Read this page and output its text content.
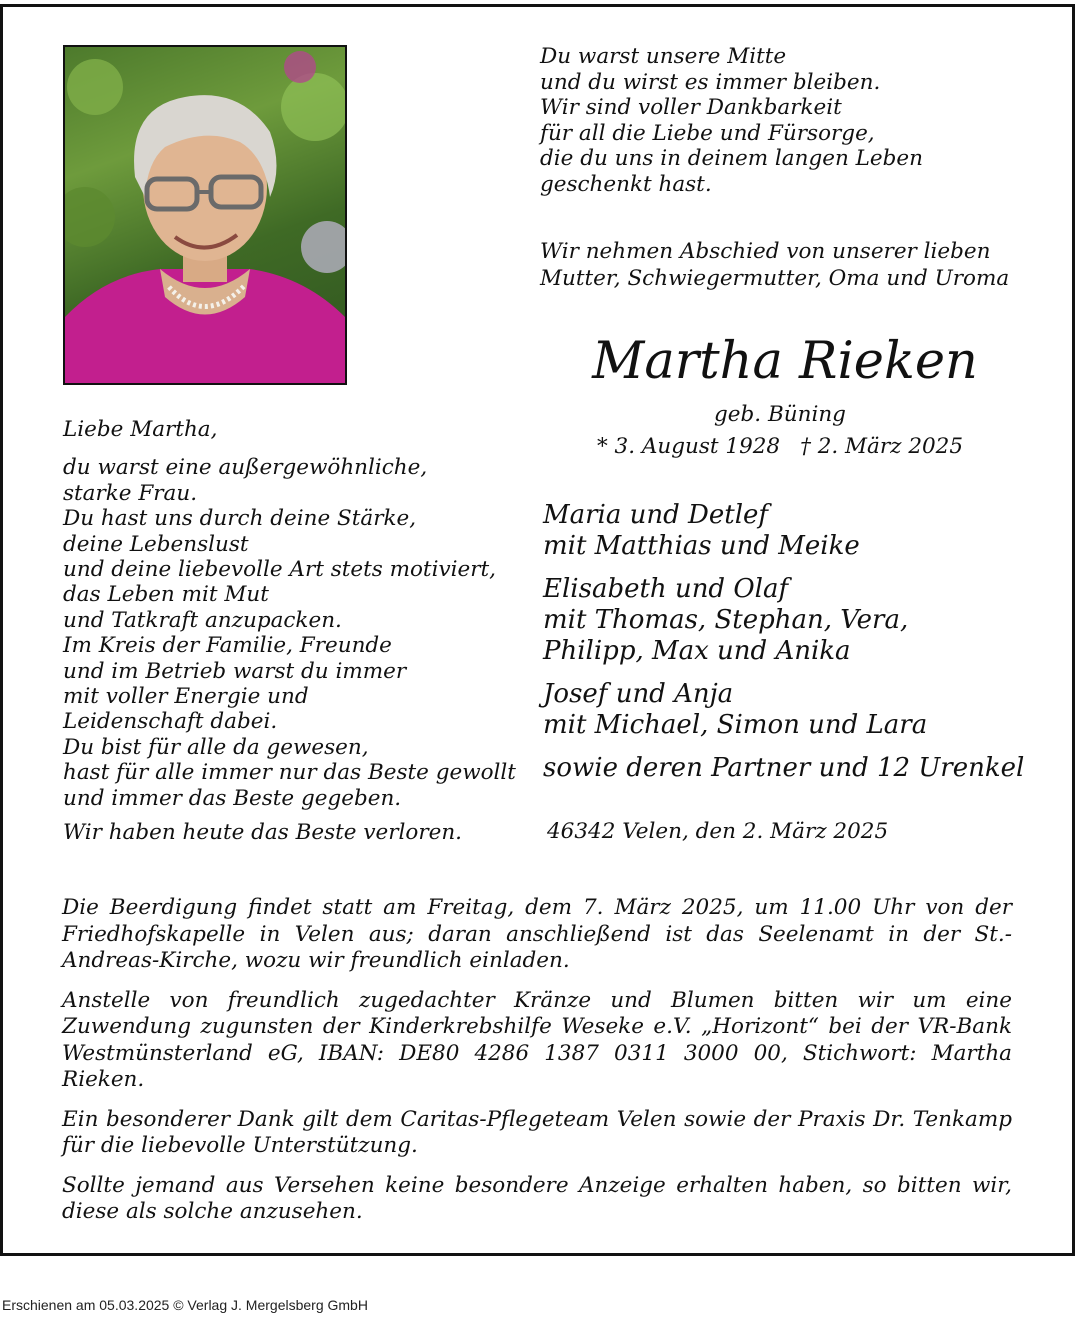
Du warst unsere Mitte
und du wirst es immer bleiben.
Wir sind voller Dankbarkeit
für all die Liebe und Fürsorge,
die du uns in deinem langen Leben
geschenkt hast.
Wir nehmen Abschied von unserer lieben
Mutter, Schwiegermutter, Oma und Uroma
Martha Rieken
geb. Büning
* 3. August 1928 † 2. März 2025
Maria und Detlef
mit Matthias und Meike
Elisabeth und Olaf
mit Thomas, Stephan, Vera,
Philipp, Max und Anika
Josef und Anja
mit Michael, Simon und Lara
sowie deren Partner und 12 Urenkel
46342 Velen, den 2. März 2025
Liebe Martha,
du warst eine außergewöhnliche,
starke Frau.
Du hast uns durch deine Stärke,
deine Lebenslust
und deine liebevolle Art stets motiviert,
das Leben mit Mut
und Tatkraft anzupacken.
Im Kreis der Familie, Freunde
und im Betrieb warst du immer
mit voller Energie und
Leidenschaft dabei.
Du bist für alle da gewesen,
hast für alle immer nur das Beste gewollt
und immer das Beste gegeben.
Wir haben heute das Beste verloren.

Die Beerdigung findet statt am Freitag, dem 7. März 2025, um 11.00 Uhr von der Friedhofskapelle in Velen aus; daran anschließend ist das Seelenamt in der St.-Andreas-Kirche, wozu wir freundlich einladen.

Anstelle von freundlich zugedachter Kränze und Blumen bitten wir um eine Zuwendung zugunsten der Kinderkrebshilfe Weseke e.V. „Horizont“ bei der VR-Bank Westmünsterland eG, IBAN: DE80 4286 1387 0311 3000 00, Stichwort: Martha Rieken.

Ein besonderer Dank gilt dem Caritas-Pflegeteam Velen sowie der Praxis Dr. Tenkamp für die liebevolle Unterstützung.

Sollte jemand aus Versehen keine besondere Anzeige erhalten haben, so bitten wir, diese als solche anzusehen.

Erschienen am 05.03.2025 © Verlag J. Mergelsberg GmbH
